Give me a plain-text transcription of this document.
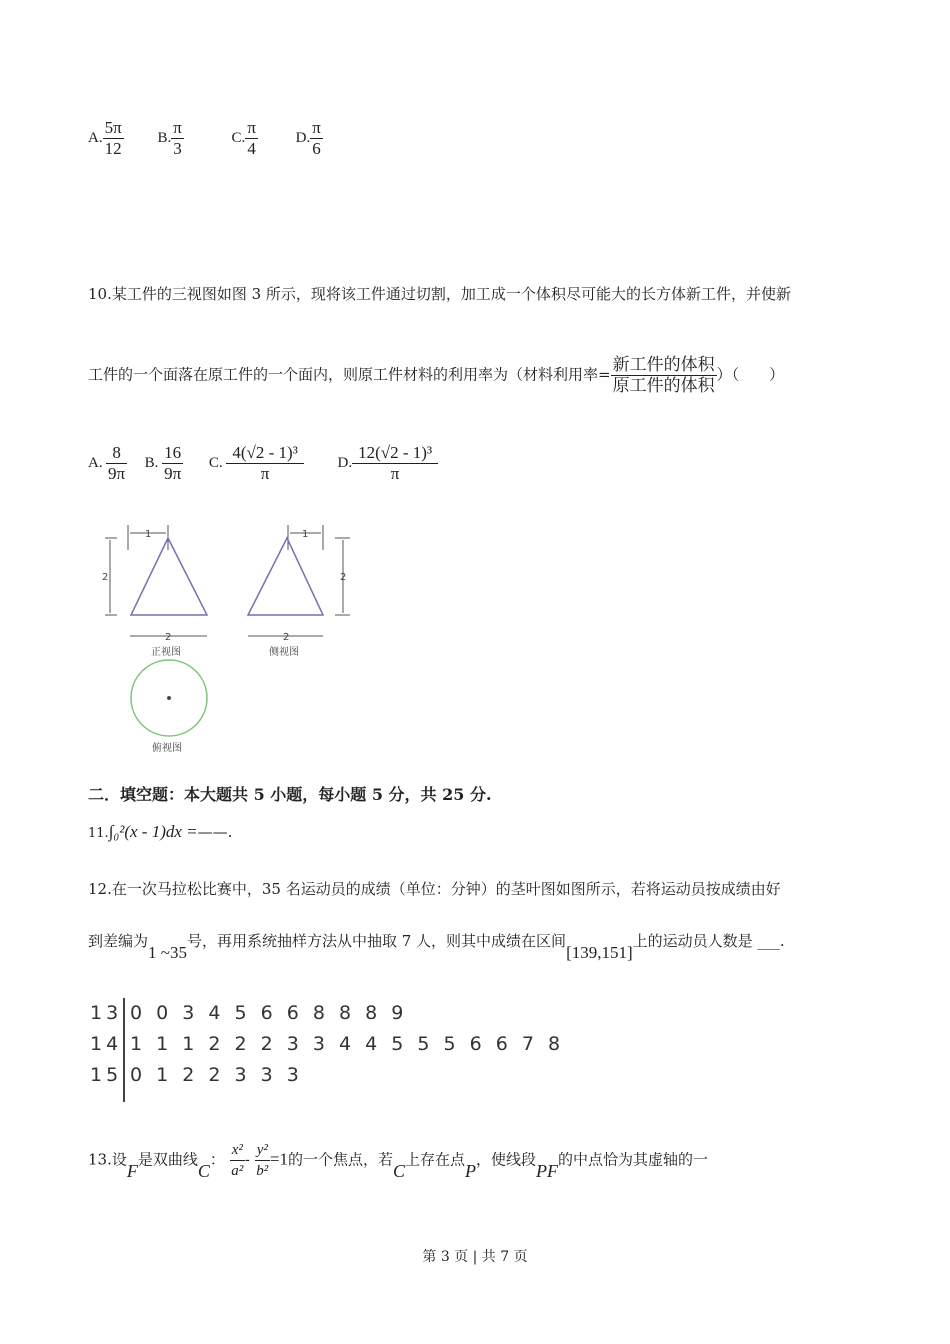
A. $\frac{5\pi}{12} B$. $\frac{\pi}{3}$	C. $\frac{\pi}{4}$	D. $\frac{\pi}{6}$
10.某工件的三视图如图 3 所示，现将该工件通过切割，加工成一个体积尽可能大的长方体新工件，并使新
工件的一个面落在原工件的一个面内，则原工件材料的利用率为（材料利用率= $\frac{\text{新工件的体积}}{\text{原工件的体积}}$ ）（　　）
A. $\frac{8}{9\pi} B$. $\frac{16}{9\pi} C$. $\frac{\text{4(√2 - 1)³}}{\pi} D$. $\frac{\text{12(√2 - 1)³}}{\pi}$
1
2
2
正视图
1
2
2
侧视图
俯视图
二．填空题：本大题共 5 小题，每小题 5 分，共 25 分.
11.∫₀²(x - 1)dx =——.
12.在一次马拉松比赛中，35 名运动员的成绩（单位：分钟）的茎叶图如图所示，若将运动员按成绩由好
到差编为1 ~35号，再用系统抽样方法从中抽取 7 人，则其中成绩在区间[139,151]上的运动员人数是 ___.
13 0 0 3 4 5 6 6 8 8 8 9
14 1 1 1 2 2 2 3 3 4 4 5 5 5 6 6 7 8
15 0 1 2 2 3 3 3
13.设F是双曲线C： $\frac{\text{x²}}{\text{a²}} - \frac{\text{y²}}{\text{b²}} =1$的一个焦点，若C上存在点P，使线段PF的中点恰为其虚轴的一
第 3 页 | 共 7 页
